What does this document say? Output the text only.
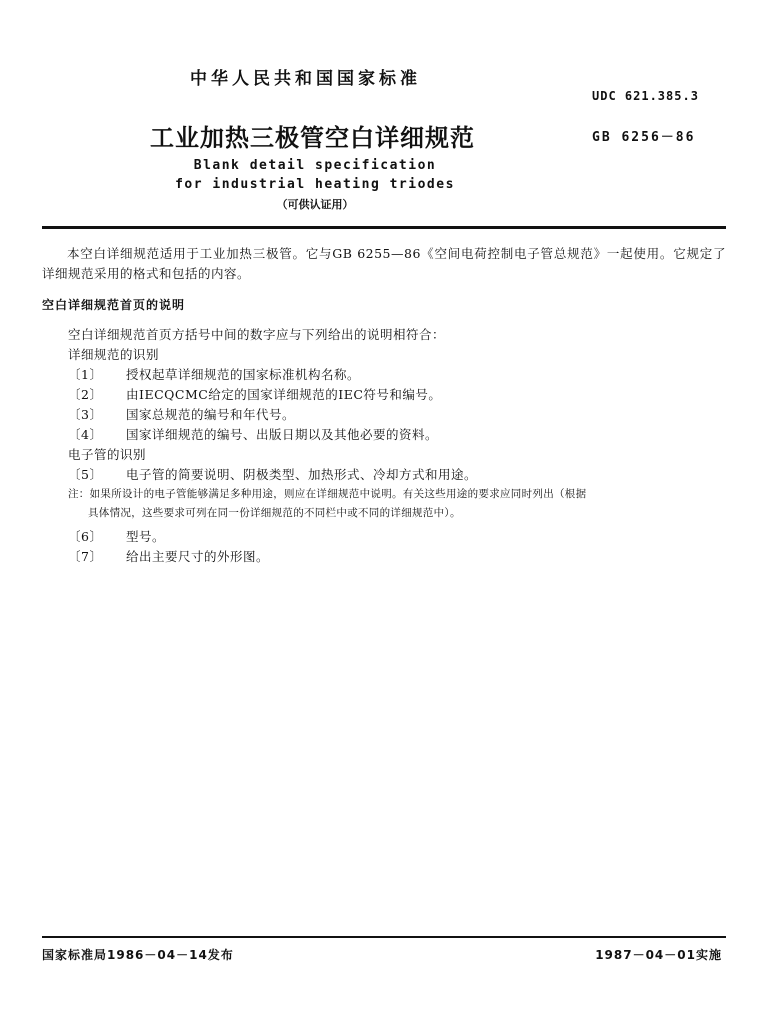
中华人民共和国国家标准
UDC 621.385.3
工业加热三极管空白详细规范	GB 6256－86
Blank detail specification
for industrial heating triodes
（可供认证用）
本空白详细规范适用于工业加热三极管。它与GB 6255—86《空间电荷控制电子管总规范》一起使用。它规定了详细规范采用的格式和包括的内容。
空白详细规范首页的说明
空白详细规范首页方括号中间的数字应与下列给出的说明相符合：
详细规范的识别
〔1〕 授权起草详细规范的国家标准机构名称。
〔2〕 由IECQCMC给定的国家详细规范的IEC符号和编号。
〔3〕 国家总规范的编号和年代号。
〔4〕 国家详细规范的编号、出版日期以及其他必要的资料。
电子管的识别
〔5〕 电子管的简要说明、阴极类型、加热形式、冷却方式和用途。
注：如果所设计的电子管能够满足多种用途，则应在详细规范中说明。有关这些用途的要求应同时列出（根据
具体情况，这些要求可列在同一份详细规范的不同栏中或不同的详细规范中）。
〔6〕 型号。
〔7〕 给出主要尺寸的外形图。
国家标准局1986－04－14发布	1987－04－01实施
